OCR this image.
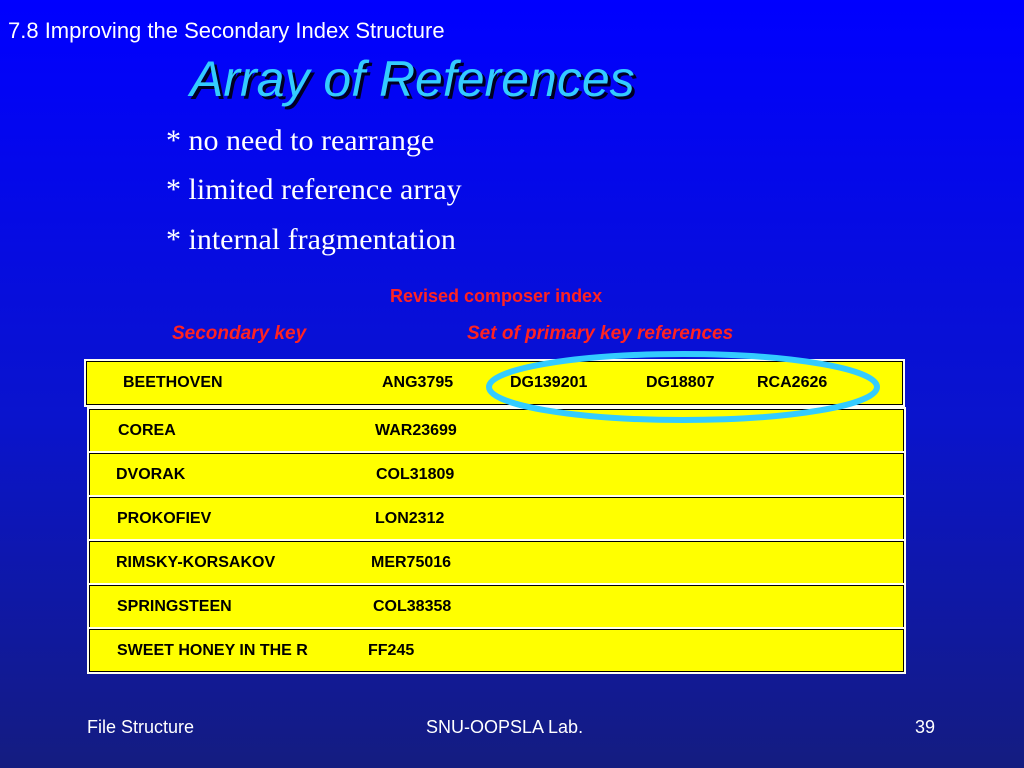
7.8 Improving the Secondary Index Structure
Array of References
* no need to rearrange
* limited reference array
* internal fragmentation
Revised composer index
Secondary key	Set of primary key references
BEETHOVEN	ANG3795	DG139201	DG18807	RCA2626
COREA	WAR23699
DVORAK	COL31809
PROKOFIEV	LON2312
RIMSKY-KORSAKOV	MER75016
SPRINGSTEEN	COL38358
SWEET HONEY IN THE R	FF245
File Structure	SNU-OOPSLA Lab.	39
